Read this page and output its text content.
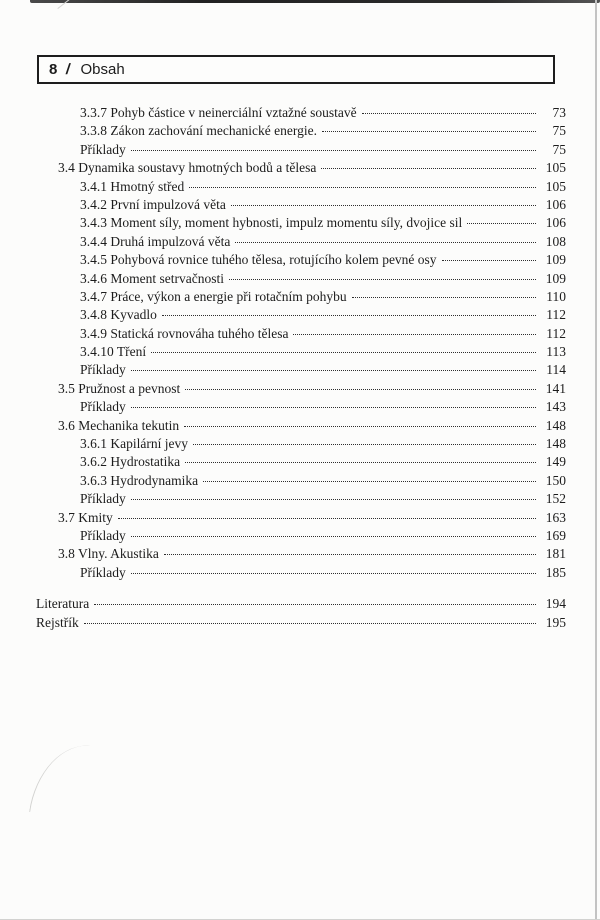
8 / Obsah
3.3.7 Pohyb částice v neinerciální vztažné soustavě	73
3.3.8 Zákon zachování mechanické energie.	75
Příklady	75
3.4 Dynamika soustavy hmotných bodů a tělesa	105
3.4.1 Hmotný střed	105
3.4.2 První impulzová věta	106
3.4.3 Moment síly, moment hybnosti, impulz momentu síly, dvojice sil	106
3.4.4 Druhá impulzová věta	108
3.4.5 Pohybová rovnice tuhého tělesa, rotujícího kolem pevné osy	109
3.4.6 Moment setrvačnosti	109
3.4.7 Práce, výkon a energie při rotačním pohybu	110
3.4.8 Kyvadlo	112
3.4.9 Statická rovnováha tuhého tělesa	112
3.4.10 Tření	113
Příklady	114
3.5 Pružnost a pevnost	141
Příklady	143
3.6 Mechanika tekutin	148
3.6.1 Kapilární jevy	148
3.6.2 Hydrostatika	149
3.6.3 Hydrodynamika	150
Příklady	152
3.7 Kmity	163
Příklady	169
3.8 Vlny. Akustika	181
Příklady	185
Literatura	194
Rejstřík	195
